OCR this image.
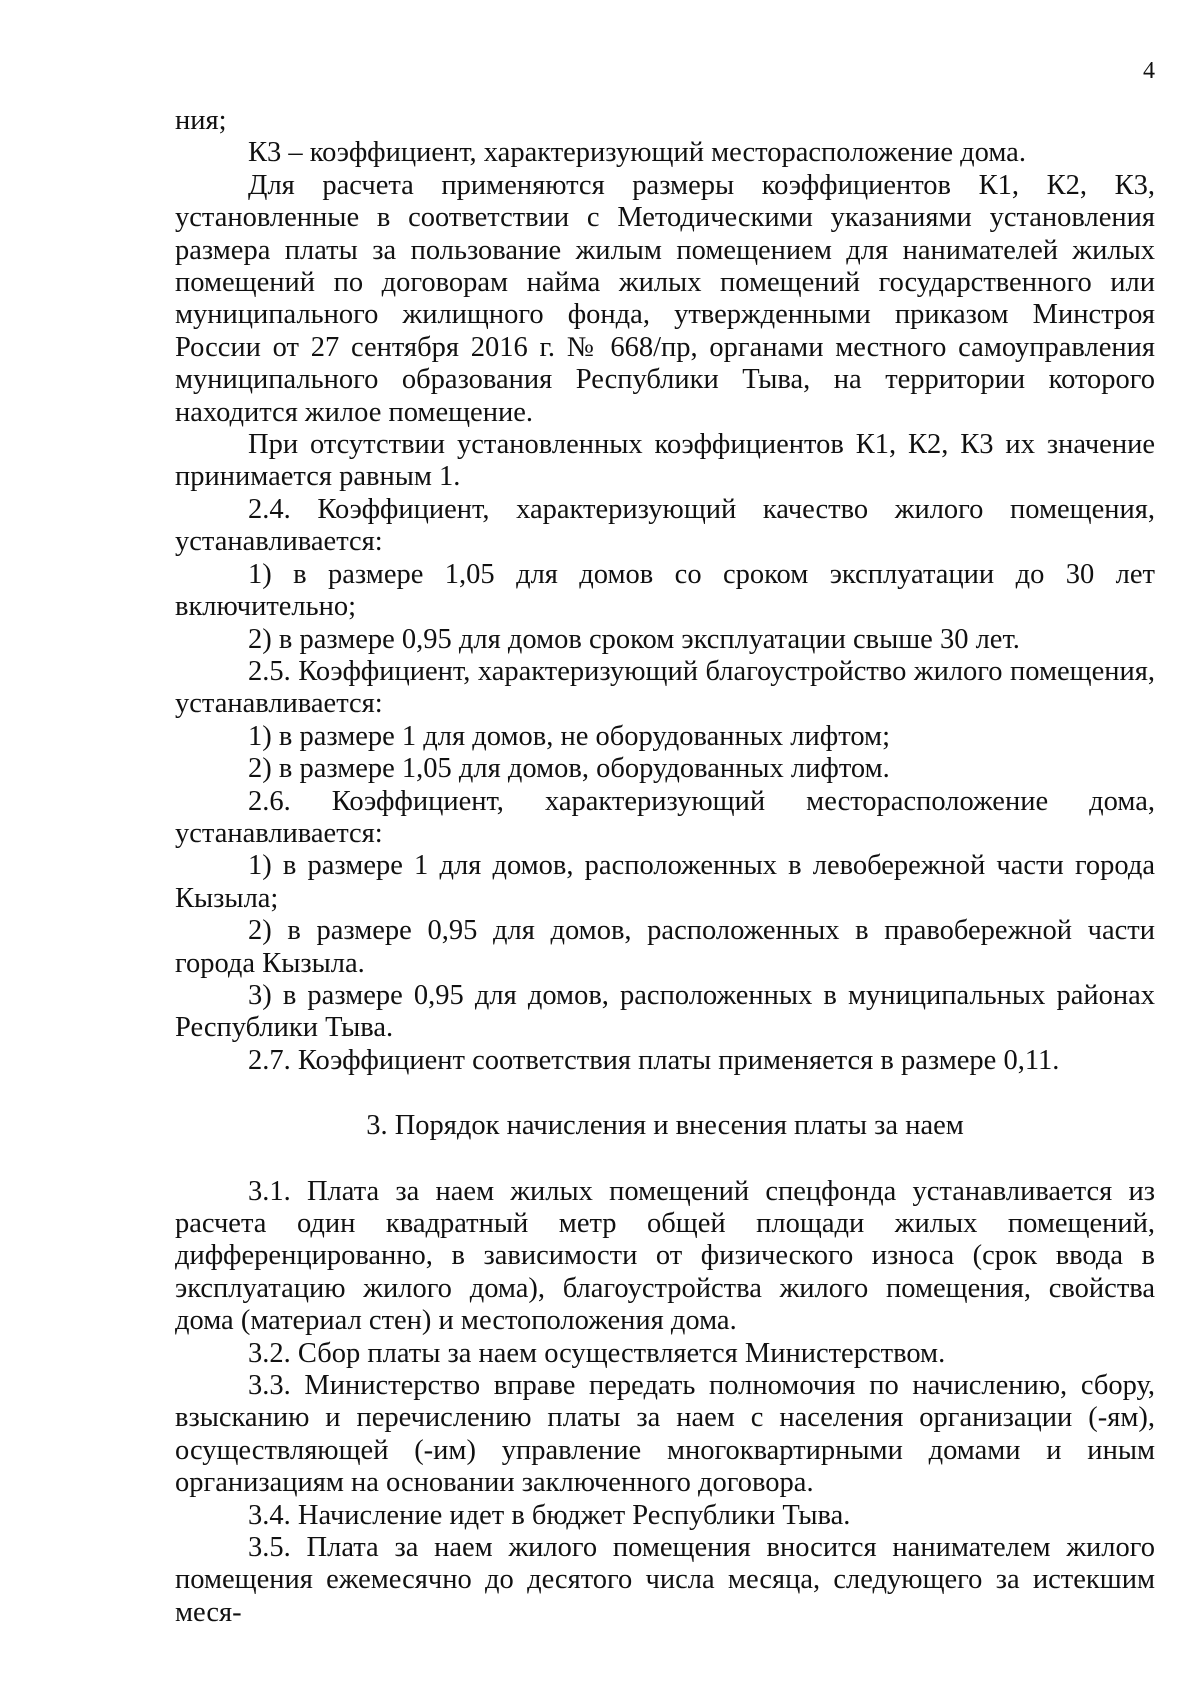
4

ния;

К3 – коэффициент, характеризующий месторасположение дома.

Для расчета применяются размеры коэффициентов К1, К2, К3, установленные в соответствии с Методическими указаниями установления размера платы за пользование жилым помещением для нанимателей жилых помещений по договорам найма жилых помещений государственного или муниципального жилищного фонда, утвержденными приказом Минстроя России от 27 сентября 2016 г. № 668/пр, органами местного самоуправления муниципального образования Республики Тыва, на территории которого находится жилое помещение.

При отсутствии установленных коэффициентов К1, К2, К3 их значение принимается равным 1.

2.4. Коэффициент, характеризующий качество жилого помещения, устанавливается:

1) в размере 1,05 для домов со сроком эксплуатации до 30 лет включительно;

2) в размере 0,95 для домов сроком эксплуатации свыше 30 лет.

2.5. Коэффициент, характеризующий благоустройство жилого помещения, устанавливается:

1) в размере 1 для домов, не оборудованных лифтом;

2) в размере 1,05 для домов, оборудованных лифтом.

2.6. Коэффициент, характеризующий месторасположение дома, устанавливается:

1) в размере 1 для домов, расположенных в левобережной части города Кызыла;

2) в размере 0,95 для домов, расположенных в правобережной части города Кызыла.

3) в размере 0,95 для домов, расположенных в муниципальных районах Республики Тыва.

2.7. Коэффициент соответствия платы применяется в размере 0,11.

3. Порядок начисления и внесения платы за наем

3.1. Плата за наем жилых помещений спецфонда устанавливается из расчета один квадратный метр общей площади жилых помещений, дифференцированно, в зависимости от физического износа (срок ввода в эксплуатацию жилого дома), благоустройства жилого помещения, свойства дома (материал стен) и местоположения дома.

3.2. Сбор платы за наем осуществляется Министерством.

3.3. Министерство вправе передать полномочия по начислению, сбору, взысканию и перечислению платы за наем с населения организации (-ям), осуществляющей (-им) управление многоквартирными домами и иным организациям на основании заключенного договора.

3.4. Начисление идет в бюджет Республики Тыва.

3.5. Плата за наем жилого помещения вносится нанимателем жилого помещения ежемесячно до десятого числа месяца, следующего за истекшим меся-
